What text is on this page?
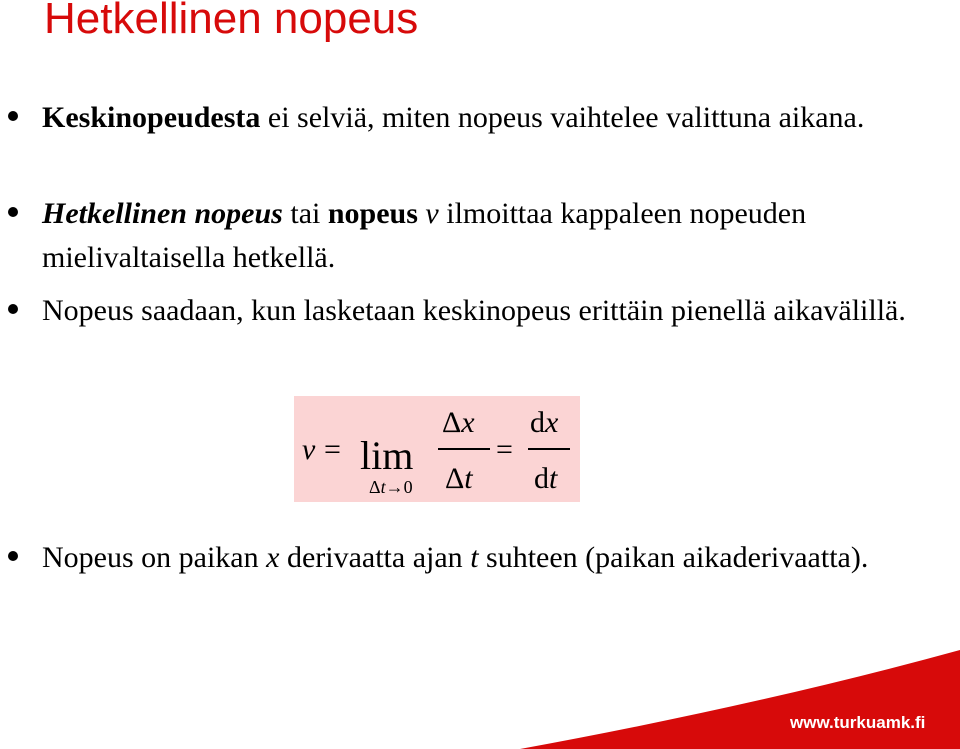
Hetkellinen nopeus
Keskinopeudesta ei selviä, miten nopeus vaihtelee valittuna aikana.
Hetkellinen nopeus tai nopeus v ilmoittaa kappaleen nopeuden mielivaltaisella hetkellä.
Nopeus saadaan, kun lasketaan keskinopeus erittäin pienellä aikavälillä.
Nopeus on paikan x derivaatta ajan t suhteen (paikan aikaderivaatta).
v = lim
Δt→0
Δx
Δt
=
dx
dt
www.turkuamk.fi
